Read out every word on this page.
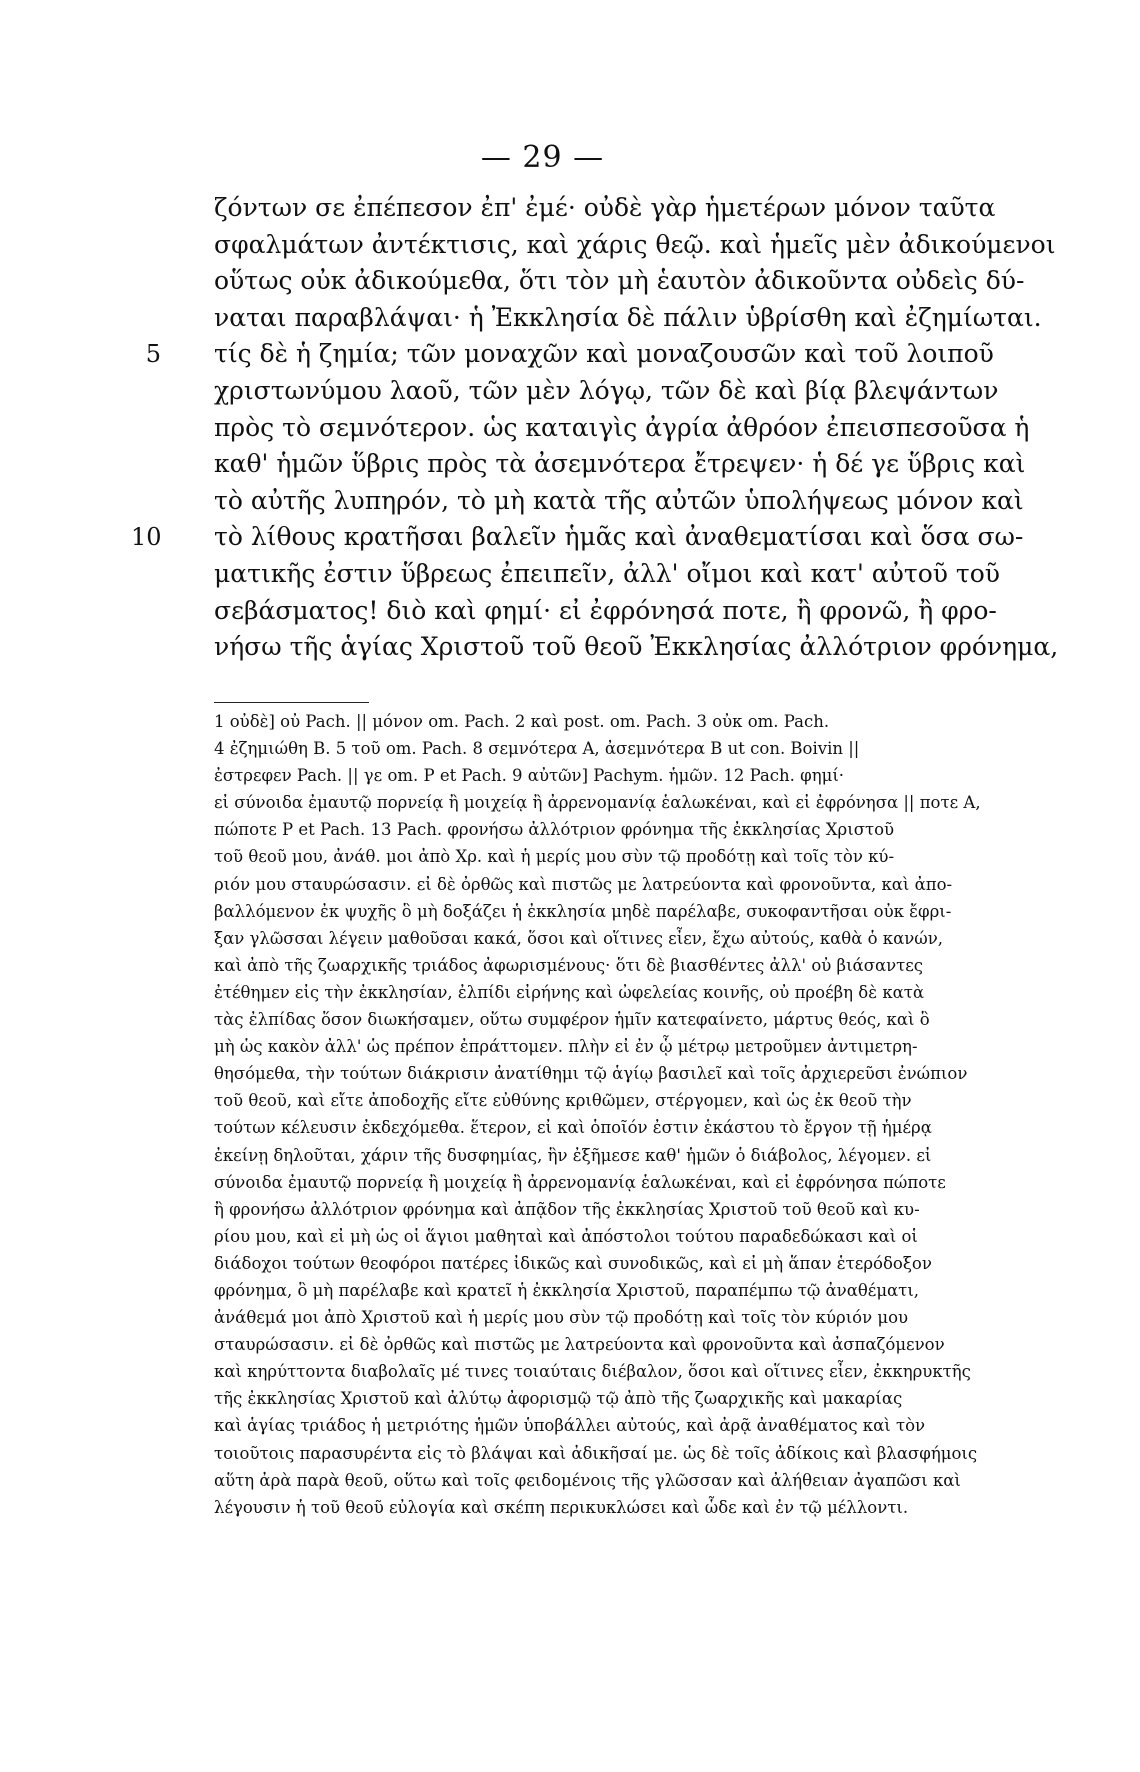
— 29 —
ζόντων σε ἐπέπεσον ἐπ' ἐμέ· οὐδὲ γὰρ ἡμετέρων μόνον ταῦτα
σφαλμάτων ἀντέκτισις, καὶ χάρις θεῷ. καὶ ἡμεῖς μὲν ἀδικούμενοι
οὕτως οὐκ ἀδικούμεθα, ὅτι τὸν μὴ ἑαυτὸν ἀδικοῦντα οὐδεὶς δύ-
ναται παραβλάψαι· ἡ Ἐκκλησία δὲ πάλιν ὑβρίσθη καὶ ἐζημίωται.
5 τίς δὲ ἡ ζημία; τῶν μοναχῶν καὶ μοναζουσῶν καὶ τοῦ λοιποῦ
χριστωνύμου λαοῦ, τῶν μὲν λόγῳ, τῶν δὲ καὶ βίᾳ βλεψάντων
πρὸς τὸ σεμνότερον. ὡς καταιγὶς ἀγρία ἀθρόον ἐπεισπεσοῦσα ἡ
καθ' ἡμῶν ὕβρις πρὸς τὰ ἀσεμνότερα ἔτρεψεν· ἡ δέ γε ὕβρις καὶ
τὸ αὐτῆς λυπηρόν, τὸ μὴ κατὰ τῆς αὐτῶν ὑπολήψεως μόνον καὶ
10 τὸ λίθους κρατῆσαι βαλεῖν ἡμᾶς καὶ ἀναθεματίσαι καὶ ὅσα σω-
ματικῆς ἐστιν ὕβρεως ἐπειπεῖν, ἀλλ' οἴμοι καὶ κατ' αὐτοῦ τοῦ
σεβάσματος! διὸ καὶ φημί· εἰ ἐφρόνησά ποτε, ἢ φρονῶ, ἢ φρο-
νήσω τῆς ἁγίας Χριστοῦ τοῦ θεοῦ Ἐκκλησίας ἀλλότριον φρόνημα,
1 οὐδὲ] οὐ Pach. || μόνον om. Pach. 2 καὶ post. om. Pach. 3 οὐκ om. Pach.
4 ἐζημιώθη B. 5 τοῦ om. Pach. 8 σεμνότερα A, ἀσεμνότερα B ut con. Boivin ||
ἐστρεφεν Pach. || γε om. P et Pach. 9 αὐτῶν] Pachym. ἡμῶν. 12 Pach. φημί·
εἰ σύνοιδα ἐμαυτῷ πορνείᾳ ἢ μοιχείᾳ ἢ ἀρρενομανίᾳ ἑαλωκέναι, καὶ εἰ ἐφρόνησα || ποτε A,
πώποτε P et Pach. 13 Pach. φρονήσω ἀλλότριον φρόνημα τῆς ἐκκλησίας Χριστοῦ
τοῦ θεοῦ μου, ἀνάθ. μοι ἀπὸ Χρ. καὶ ἡ μερίς μου σὺν τῷ προδότῃ καὶ τοῖς τὸν κύ-
ριόν μου σταυρώσασιν. εἰ δὲ ὀρθῶς καὶ πιστῶς με λατρεύοντα καὶ φρονοῦντα, καὶ ἀπο-
βαλλόμενον ἐκ ψυχῆς ὃ μὴ δοξάζει ἡ ἐκκλησία μηδὲ παρέλαβε, συκοφαντῆσαι οὐκ ἔφρι-
ξαν γλῶσσαι λέγειν μαθοῦσαι κακά, ὅσοι καὶ οἵτινες εἶεν, ἔχω αὐτούς, καθὰ ὁ κανών,
καὶ ἀπὸ τῆς ζωαρχικῆς τριάδος ἀφωρισμένους· ὅτι δὲ βιασθέντες ἀλλ' οὐ βιάσαντες
ἐτέθημεν εἰς τὴν ἐκκλησίαν, ἐλπίδι εἰρήνης καὶ ὠφελείας κοινῆς, οὐ προέβη δὲ κατὰ
τὰς ἐλπίδας ὅσον διωκήσαμεν, οὕτω συμφέρον ἡμῖν κατεφαίνετο, μάρτυς θεός, καὶ ὃ
μὴ ὡς κακὸν ἀλλ' ὡς πρέπον ἐπράττομεν. πλὴν εἰ ἐν ᾧ μέτρῳ μετροῦμεν ἀντιμετρη-
θησόμεθα, τὴν τούτων διάκρισιν ἀνατίθημι τῷ ἁγίῳ βασιλεῖ καὶ τοῖς ἀρχιερεῦσι ἐνώπιον
τοῦ θεοῦ, καὶ εἴτε ἀποδοχῆς εἴτε εὐθύνης κριθῶμεν, στέργομεν, καὶ ὡς ἐκ θεοῦ τὴν
τούτων κέλευσιν ἐκδεχόμεθα. ἕτερον, εἰ καὶ ὁποῖόν ἐστιν ἑκάστου τὸ ἔργον τῇ ἡμέρᾳ
ἐκείνῃ δηλοῦται, χάριν τῆς δυσφημίας, ἣν ἐξῆμεσε καθ' ἡμῶν ὁ διάβολος, λέγομεν. εἰ
σύνοιδα ἐμαυτῷ πορνείᾳ ἢ μοιχείᾳ ἢ ἀρρενομανίᾳ ἑαλωκέναι, καὶ εἰ ἐφρόνησα πώποτε
ἢ φρονήσω ἀλλότριον φρόνημα καὶ ἀπᾷδον τῆς ἐκκλησίας Χριστοῦ τοῦ θεοῦ καὶ κυ-
ρίου μου, καὶ εἰ μὴ ὡς οἱ ἅγιοι μαθηταὶ καὶ ἀπόστολοι τούτου παραδεδώκασι καὶ οἱ
διάδοχοι τούτων θεοφόροι πατέρες ἰδικῶς καὶ συνοδικῶς, καὶ εἰ μὴ ἅπαν ἑτερόδοξον
φρόνημα, ὃ μὴ παρέλαβε καὶ κρατεῖ ἡ ἐκκλησία Χριστοῦ, παραπέμπω τῷ ἀναθέματι,
ἀνάθεμά μοι ἀπὸ Χριστοῦ καὶ ἡ μερίς μου σὺν τῷ προδότῃ καὶ τοῖς τὸν κύριόν μου
σταυρώσασιν. εἰ δὲ ὀρθῶς καὶ πιστῶς με λατρεύοντα καὶ φρονοῦντα καὶ ἀσπαζόμενον
καὶ κηρύττοντα διαβολαῖς μέ τινες τοιαύταις διέβαλον, ὅσοι καὶ οἵτινες εἶεν, ἐκκηρυκτῆς
τῆς ἐκκλησίας Χριστοῦ καὶ ἀλύτῳ ἀφορισμῷ τῷ ἀπὸ τῆς ζωαρχικῆς καὶ μακαρίας
καὶ ἁγίας τριάδος ἡ μετριότης ἡμῶν ὑποβάλλει αὐτούς, καὶ ἀρᾷ ἀναθέματος καὶ τὸν
τοιοῦτοις παρασυρέντα εἰς τὸ βλάψαι καὶ ἀδικῆσαί με. ὡς δὲ τοῖς ἀδίκοις καὶ βλασφήμοις
αὕτη ἀρὰ παρὰ θεοῦ, οὕτω καὶ τοῖς φειδομένοις τῆς γλῶσσαν καὶ ἀλήθειαν ἀγαπῶσι καὶ
λέγουσιν ἡ τοῦ θεοῦ εὐλογία καὶ σκέπη περικυκλώσει καὶ ὧδε καὶ ἐν τῷ μέλλοντι.
